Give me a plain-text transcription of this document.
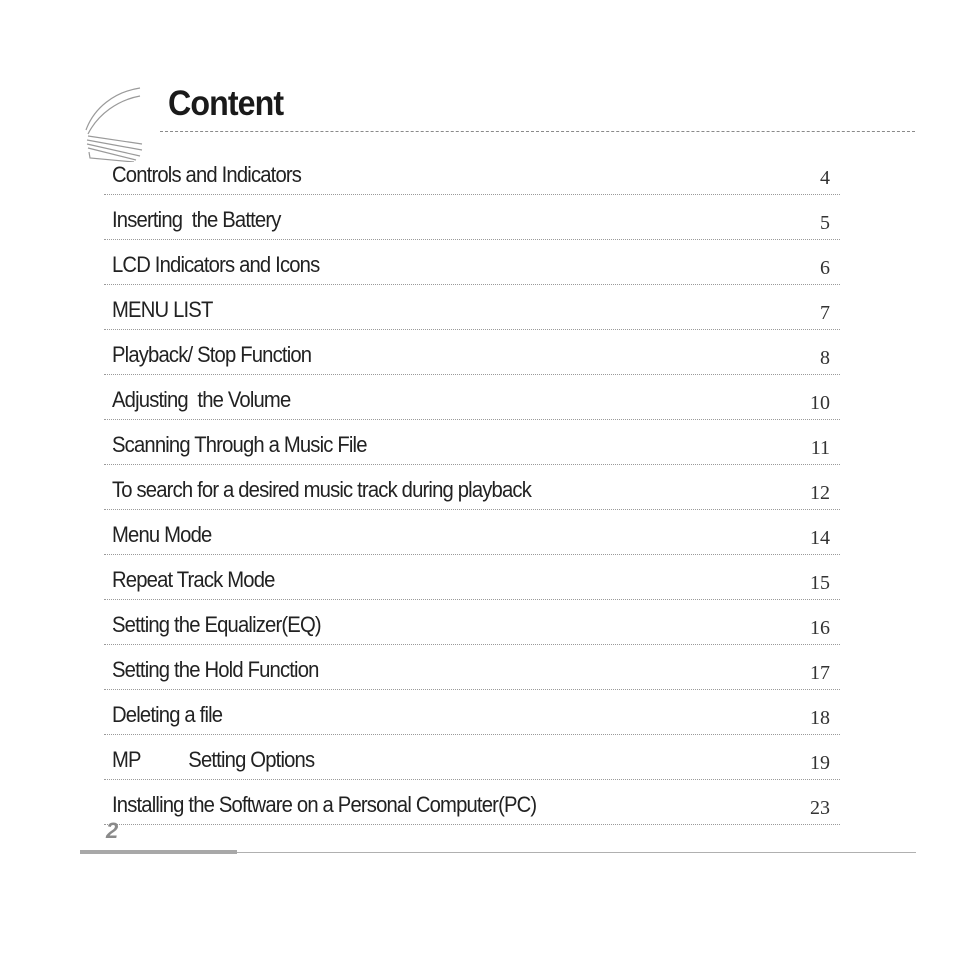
Content
Controls and Indicators	4
Inserting  the Battery	5
LCD Indicators and Icons	6
MENU LIST	7
Playback/ Stop Function	8
Adjusting  the Volume	10
Scanning Through a Music File	11
To search for a desired music track during playback	12
Menu Mode	14
Repeat Track Mode	15
Setting the Equalizer(EQ)	16
Setting the Hold Function	17
Deleting a file	18
MP          Setting Options	19
Installing the Software on a Personal Computer(PC)	23
2
